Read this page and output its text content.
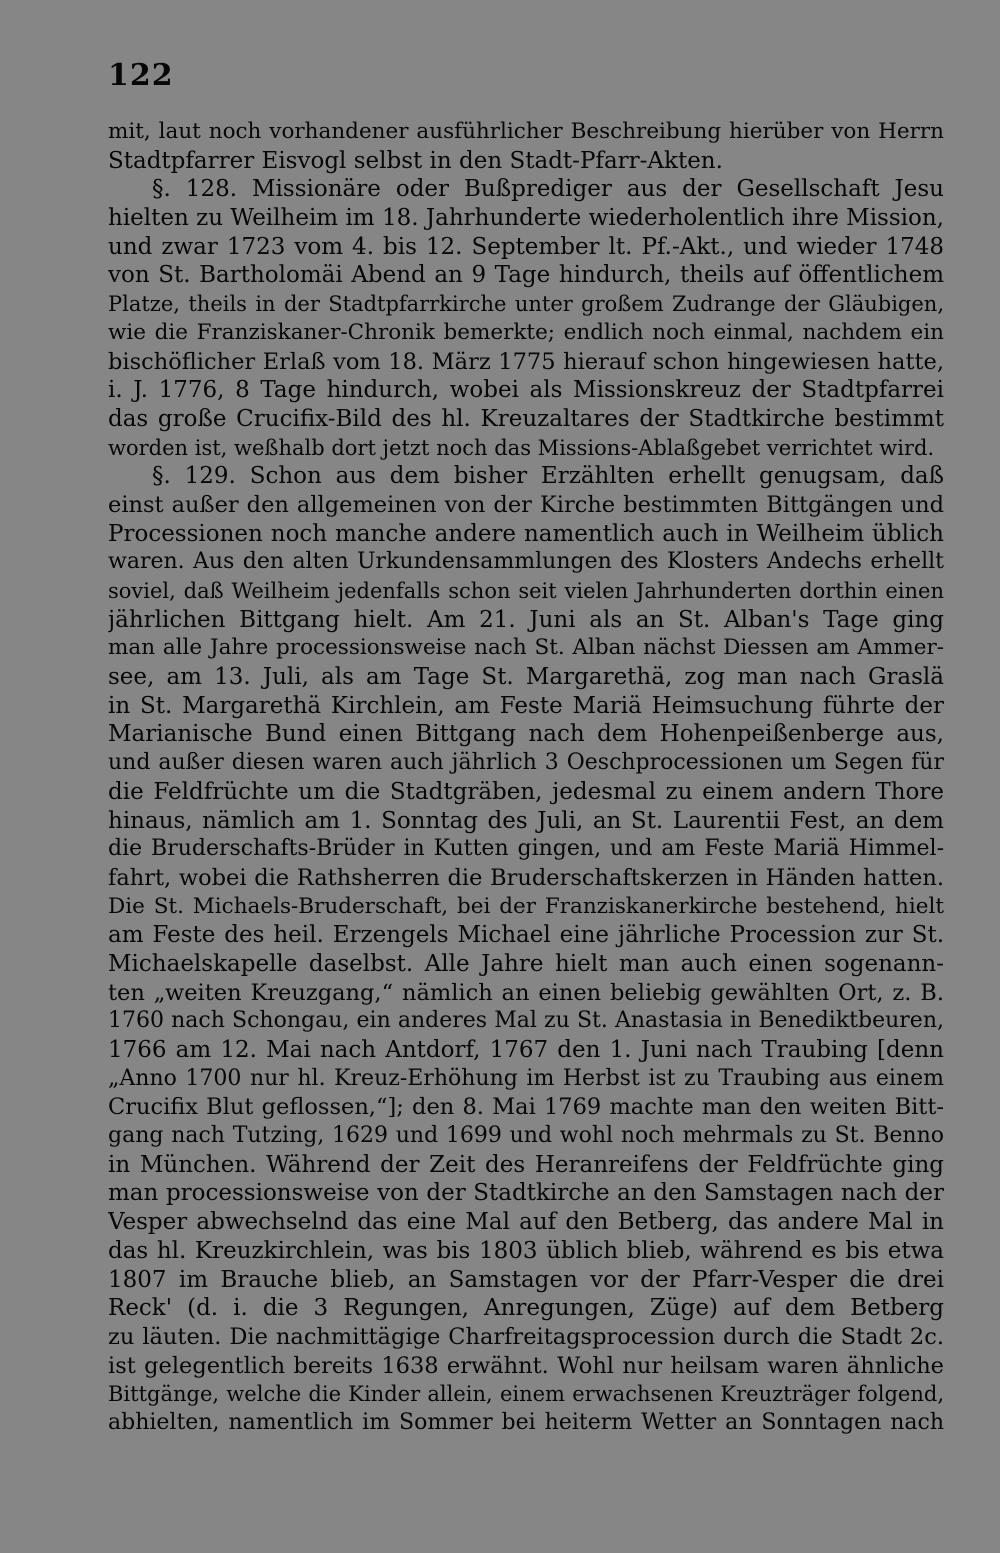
122
mit, laut noch vorhandener ausführlicher Beschreibung hierüber von Herrn
Stadtpfarrer Eisvogl selbst in den Stadt-Pfarr-Akten.
§. 128. Missionäre oder Bußprediger aus der Gesellschaft Jesu
hielten zu Weilheim im 18. Jahrhunderte wiederholentlich ihre Mission,
und zwar 1723 vom 4. bis 12. September lt. Pf.-Akt., und wieder 1748
von St. Bartholomäi Abend an 9 Tage hindurch, theils auf öffentlichem
Platze, theils in der Stadtpfarrkirche unter großem Zudrange der Gläubigen,
wie die Franziskaner-Chronik bemerkte; endlich noch einmal, nachdem ein
bischöflicher Erlaß vom 18. März 1775 hierauf schon hingewiesen hatte,
i. J. 1776, 8 Tage hindurch, wobei als Missionskreuz der Stadtpfarrei
das große Crucifix-Bild des hl. Kreuzaltares der Stadtkirche bestimmt
worden ist, weßhalb dort jetzt noch das Missions-Ablaßgebet verrichtet wird.
§. 129. Schon aus dem bisher Erzählten erhellt genugsam, daß
einst außer den allgemeinen von der Kirche bestimmten Bittgängen und
Processionen noch manche andere namentlich auch in Weilheim üblich
waren. Aus den alten Urkundensammlungen des Klosters Andechs erhellt
soviel, daß Weilheim jedenfalls schon seit vielen Jahrhunderten dorthin einen
jährlichen Bittgang hielt. Am 21. Juni als an St. Alban's Tage ging
man alle Jahre processionsweise nach St. Alban nächst Diessen am Ammer-
see, am 13. Juli, als am Tage St. Margarethä, zog man nach Graslä
in St. Margarethä Kirchlein, am Feste Mariä Heimsuchung führte der
Marianische Bund einen Bittgang nach dem Hohenpeißenberge aus,
und außer diesen waren auch jährlich 3 Oeschprocessionen um Segen für
die Feldfrüchte um die Stadtgräben, jedesmal zu einem andern Thore
hinaus, nämlich am 1. Sonntag des Juli, an St. Laurentii Fest, an dem
die Bruderschafts-Brüder in Kutten gingen, und am Feste Mariä Himmel-
fahrt, wobei die Rathsherren die Bruderschaftskerzen in Händen hatten.
Die St. Michaels-Bruderschaft, bei der Franziskanerkirche bestehend, hielt
am Feste des heil. Erzengels Michael eine jährliche Procession zur St.
Michaelskapelle daselbst. Alle Jahre hielt man auch einen sogenann-
ten „weiten Kreuzgang,“ nämlich an einen beliebig gewählten Ort, z. B.
1760 nach Schongau, ein anderes Mal zu St. Anastasia in Benediktbeuren,
1766 am 12. Mai nach Antdorf, 1767 den 1. Juni nach Traubing [denn
„Anno 1700 nur hl. Kreuz-Erhöhung im Herbst ist zu Traubing aus einem
Crucifix Blut geflossen,“]; den 8. Mai 1769 machte man den weiten Bitt-
gang nach Tutzing, 1629 und 1699 und wohl noch mehrmals zu St. Benno
in München. Während der Zeit des Heranreifens der Feldfrüchte ging
man processionsweise von der Stadtkirche an den Samstagen nach der
Vesper abwechselnd das eine Mal auf den Betberg, das andere Mal in
das hl. Kreuzkirchlein, was bis 1803 üblich blieb, während es bis etwa
1807 im Brauche blieb, an Samstagen vor der Pfarr-Vesper die drei
Reck' (d. i. die 3 Regungen, Anregungen, Züge) auf dem Betberg
zu läuten. Die nachmittägige Charfreitagsprocession durch die Stadt 2c.
ist gelegentlich bereits 1638 erwähnt. Wohl nur heilsam waren ähnliche
Bittgänge, welche die Kinder allein, einem erwachsenen Kreuzträger folgend,
abhielten, namentlich im Sommer bei heiterm Wetter an Sonntagen nach
